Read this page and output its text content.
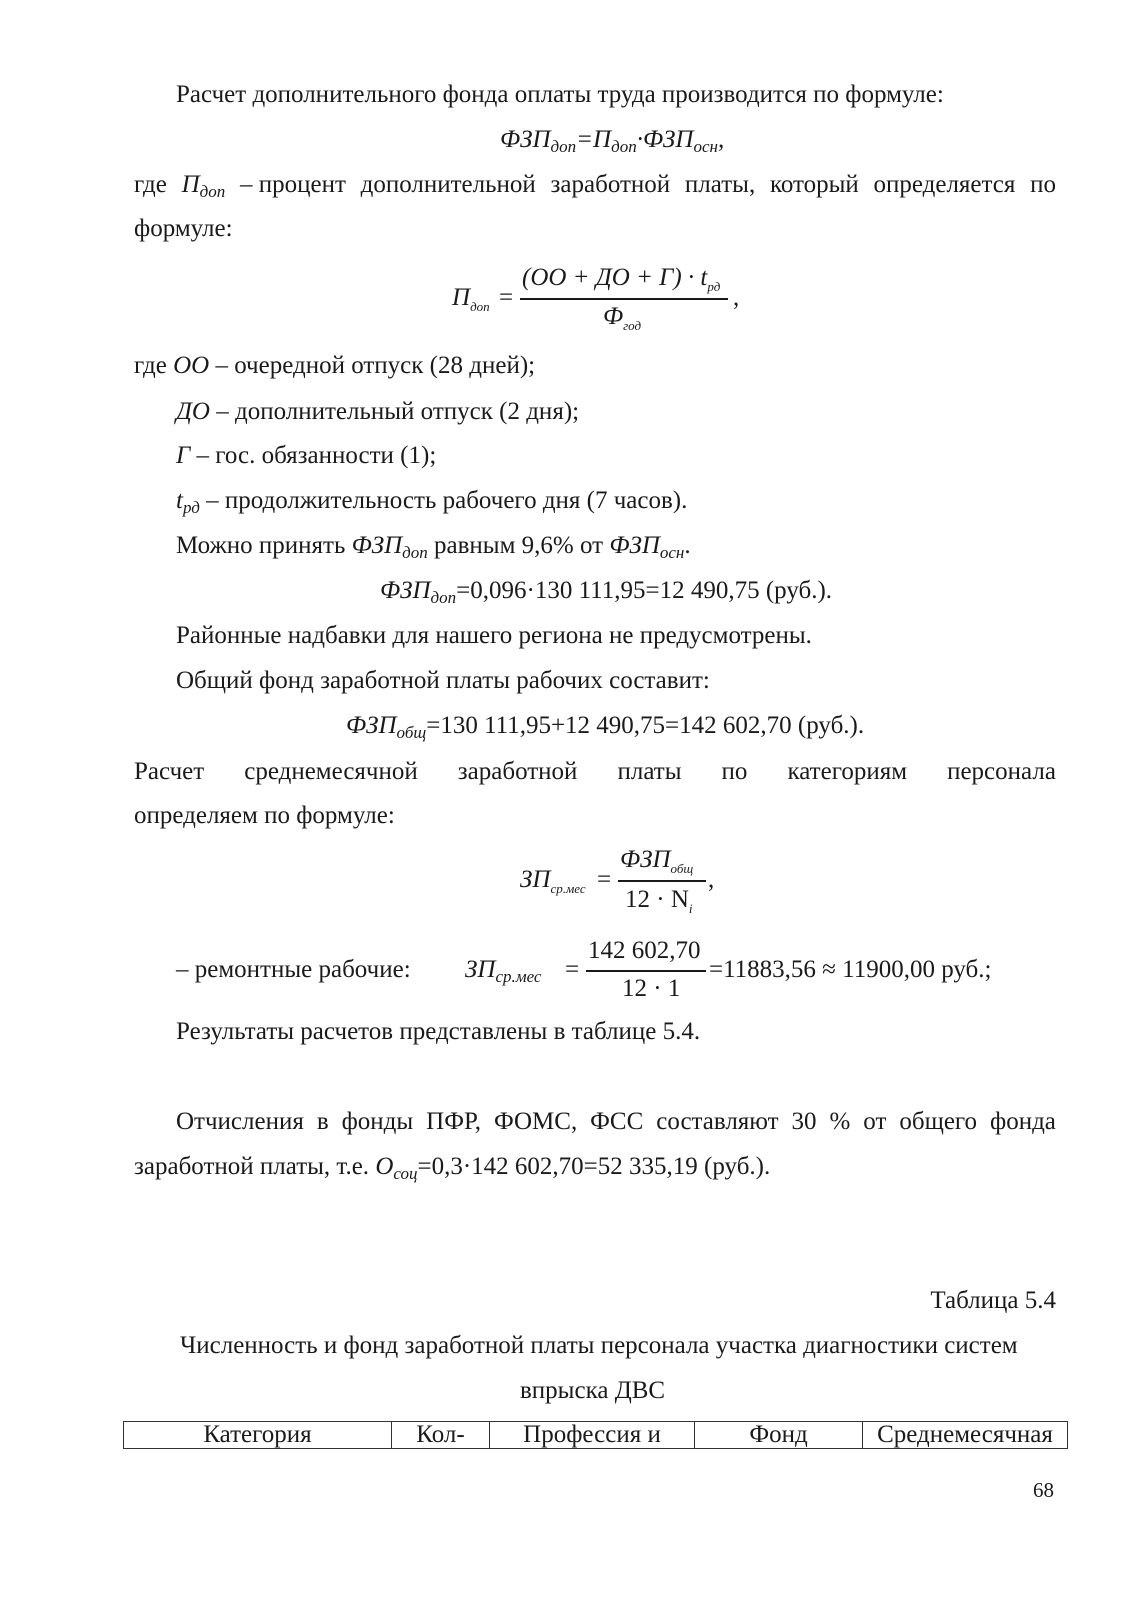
Расчет дополнительного фонда оплаты труда производится по формуле:
$ФЗП_{доп}=П_{доп}\cdot ФЗП_{осн}$,
где $П_{доп}$ – процент дополнительной заработной платы, который определяется по
формуле:
$П_{доп}$ =
(ОО + ДО + $Г) \cdot t_{рд}$
$Ф_{год}$
,
где ОО – очередной отпуск (28 дней);
ДО – дополнительный отпуск (2 дня);
Г – гос. обязанности (1);
$t_{рд}$ – продолжительность рабочего дня (7 часов).
Можно принять $ФЗП_{доп}$ равным 9,6% от $ФЗП_{осн}$.
$ФЗП_{доп}=0,096\cdot 130$ 111,95=12 490,75 (руб.).
Районные надбавки для нашего региона не предусмотрены.
Общий фонд заработной платы рабочих составит:
$ФЗП_{общ}=130$ 111,95+12 490,75=142 602,70 (руб.).
Расчет среднемесячной заработной платы по категориям персонала
определяем по формуле:
$ЗП_{ср.мес}$ =
$ФЗП_{общ}$
$12 \cdot N_i$
,
– ремонтные рабочие: $ЗП_{ср.мес}$ =
142 602,70
12 · 1
=11883,56 ≈ 11900,00 руб.;
Результаты расчетов представлены в таблице 5.4.
Отчисления в фонды ПФР, ФОМС, ФСС составляют 30 % от общего фонда
заработной платы, т.е. $О_{соц}=0,3\cdot 142$ 602,70=52 335,19 (руб.).
Таблица 5.4
Численность и фонд заработной платы персонала участка диагностики систем
впрыска ДВС
Категория	Кол-	Профессия и	Фонд	Среднемесячная
68
